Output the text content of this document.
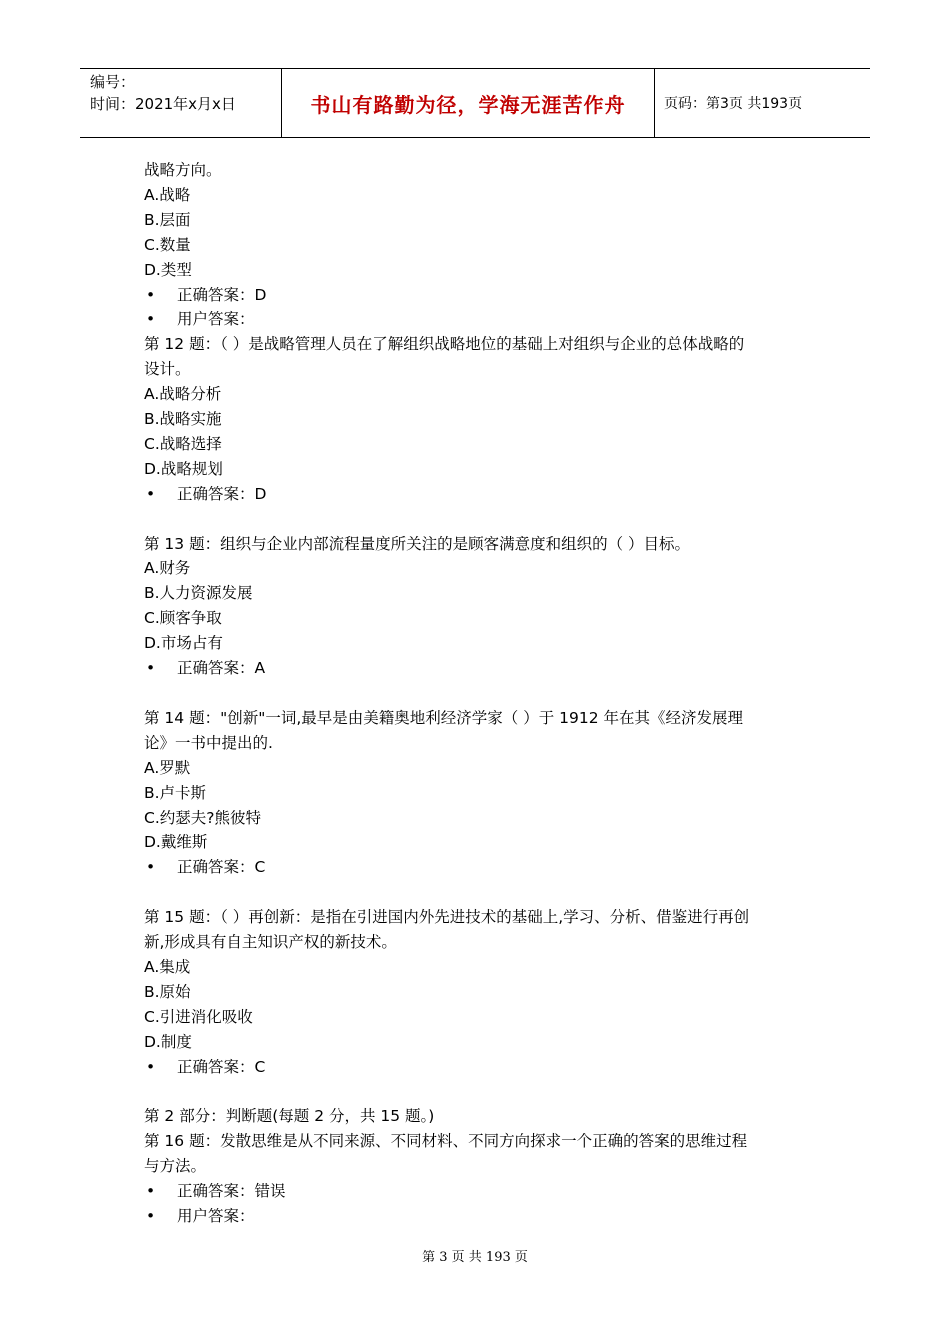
编号：
时间：2021年x月x日	书山有路勤为径，学海无涯苦作舟	页码：第3页 共193页
战略方向。
A.战略
B.层面
C.数量
D.类型
•	正确答案：D
•	用户答案：
第 12 题：（ ）是战略管理人员在了解组织战略地位的基础上对组织与企业的总体战略的
设计。
A.战略分析
B.战略实施
C.战略选择
D.战略规划
•	正确答案：D
第 13 题：组织与企业内部流程量度所关注的是顾客满意度和组织的（ ）目标。
A.财务
B.人力资源发展
C.顾客争取
D.市场占有
•	正确答案：A
第 14 题："创新"一词,最早是由美籍奥地利经济学家（ ）于 1912 年在其《经济发展理
论》一书中提出的.
A.罗默
B.卢卡斯
C.约瑟夫?熊彼特
D.戴维斯
•	正确答案：C
第 15 题：（ ）再创新：是指在引进国内外先进技术的基础上,学习、分析、借鉴进行再创
新,形成具有自主知识产权的新技术。
A.集成
B.原始
C.引进消化吸收
D.制度
•	正确答案：C
第 2 部分：判断题(每题 2 分，共 15 题。)
第 16 题：发散思维是从不同来源、不同材料、不同方向探求一个正确的答案的思维过程
与方法。
•	正确答案：错误
•	用户答案：
第 3 页 共 193 页
